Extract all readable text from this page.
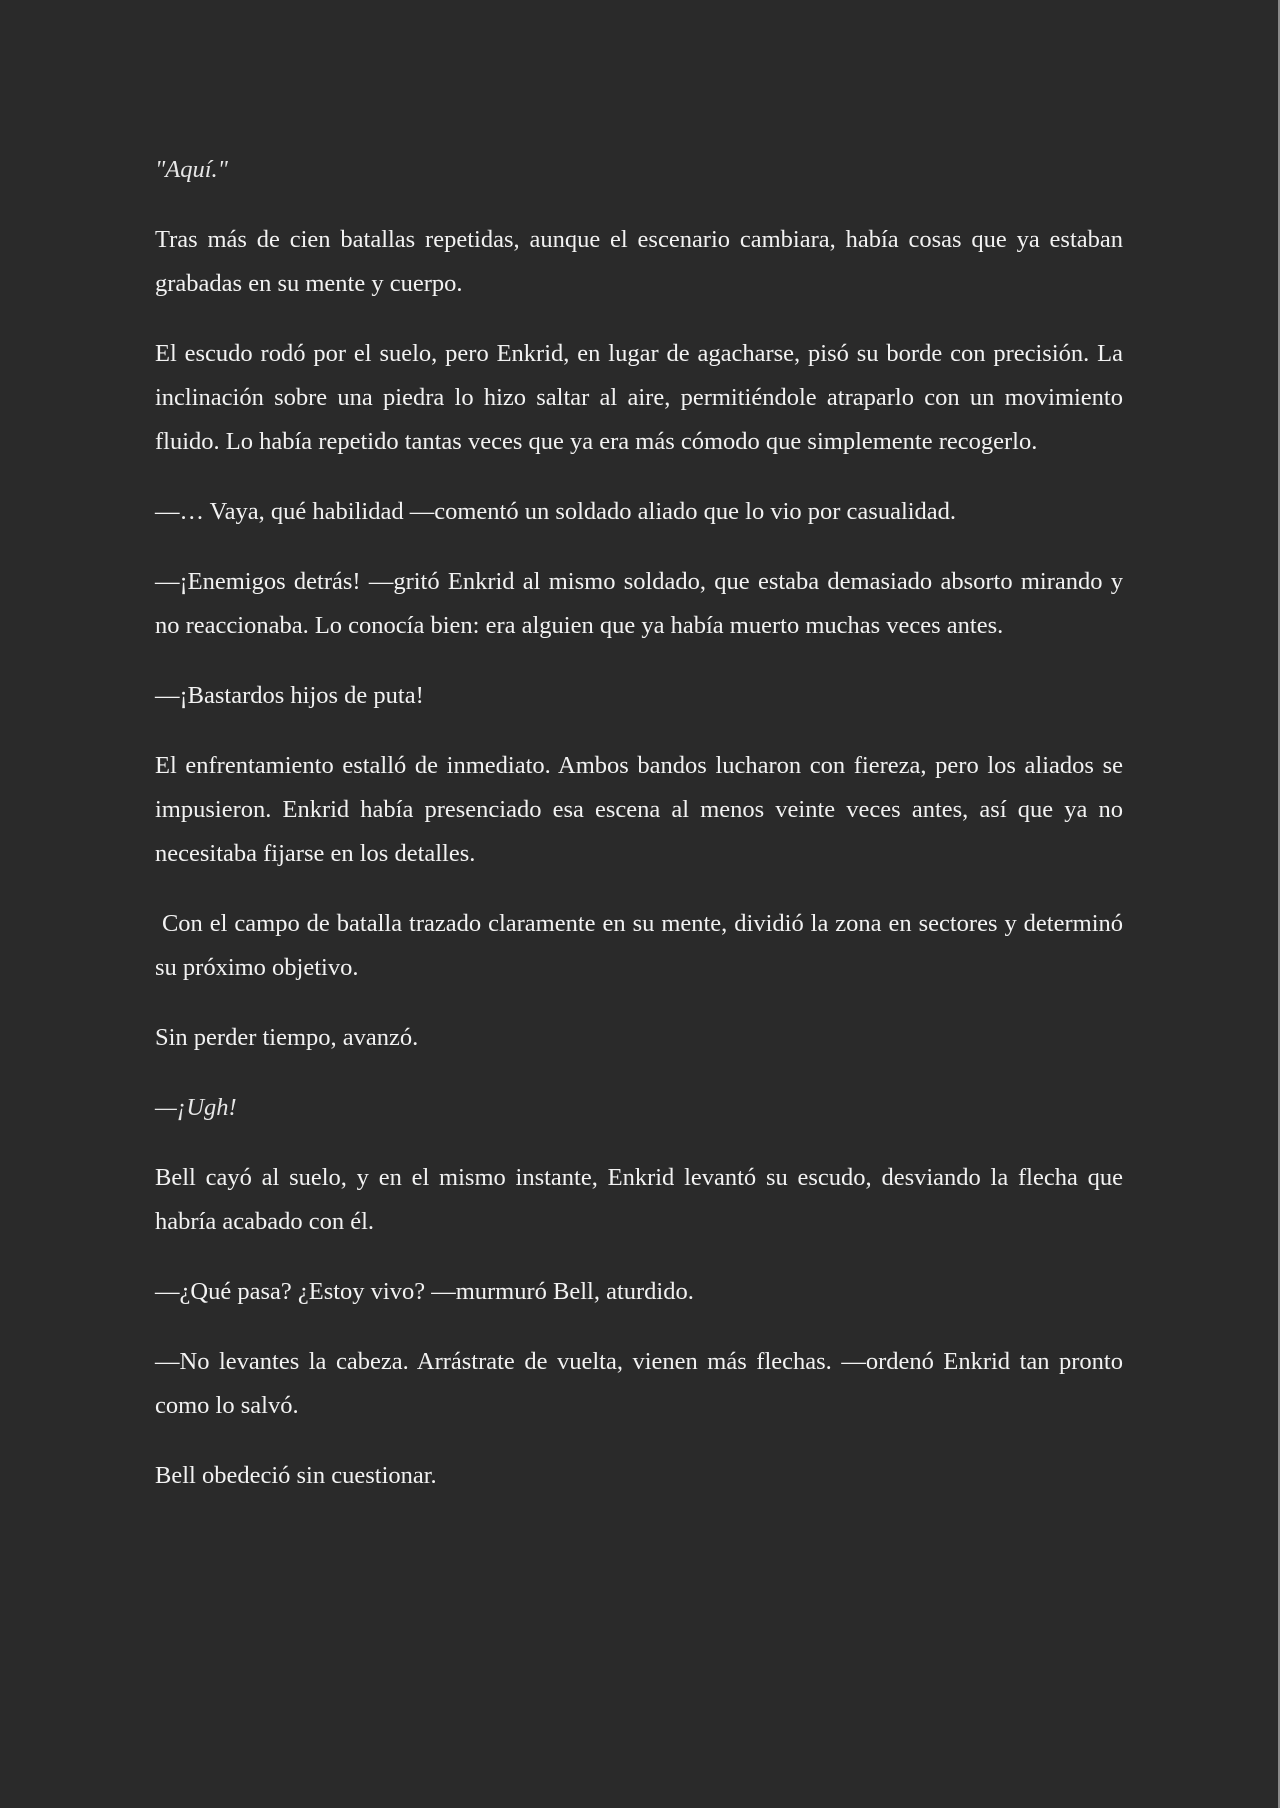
"Aquí."

Tras más de cien batallas repetidas, aunque el escenario cambiara, había cosas que ya estaban grabadas en su mente y cuerpo.

El escudo rodó por el suelo, pero Enkrid, en lugar de agacharse, pisó su borde con precisión. La inclinación sobre una piedra lo hizo saltar al aire, permitiéndole atraparlo con un movimiento fluido. Lo había repetido tantas veces que ya era más cómodo que simplemente recogerlo.

—… Vaya, qué habilidad —comentó un soldado aliado que lo vio por casualidad.

—¡Enemigos detrás! —gritó Enkrid al mismo soldado, que estaba demasiado absorto mirando y no reaccionaba. Lo conocía bien: era alguien que ya había muerto muchas veces antes.

—¡Bastardos hijos de puta!

El enfrentamiento estalló de inmediato. Ambos bandos lucharon con fiereza, pero los aliados se impusieron. Enkrid había presenciado esa escena al menos veinte veces antes, así que ya no necesitaba fijarse en los detalles.

Con el campo de batalla trazado claramente en su mente, dividió la zona en sectores y determinó su próximo objetivo.

Sin perder tiempo, avanzó.

—¡Ugh!

Bell cayó al suelo, y en el mismo instante, Enkrid levantó su escudo, desviando la flecha que habría acabado con él.

—¿Qué pasa? ¿Estoy vivo? —murmuró Bell, aturdido.

—No levantes la cabeza. Arrástrate de vuelta, vienen más flechas. —ordenó Enkrid tan pronto como lo salvó.

Bell obedeció sin cuestionar.
